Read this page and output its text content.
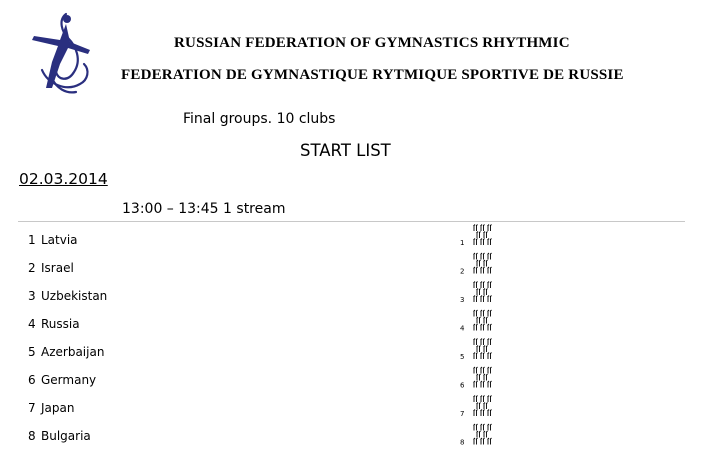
RUSSIAN FEDERATION OF GYMNASTICS RHYTHMIC
FEDERATION DE GYMNASTIQUE RYTMIQUE SPORTIVE DE RUSSIE
Final groups. 10 clubs
START LIST
02.03.2014
13:00 – 13:45 1 stream
1 Latvia
2 Israel
3 Uzbekistan
4 Russia
5 Azerbaijan
6 Germany
7 Japan
8 Bulgaria
1
2
3
4
5
6
7
8
